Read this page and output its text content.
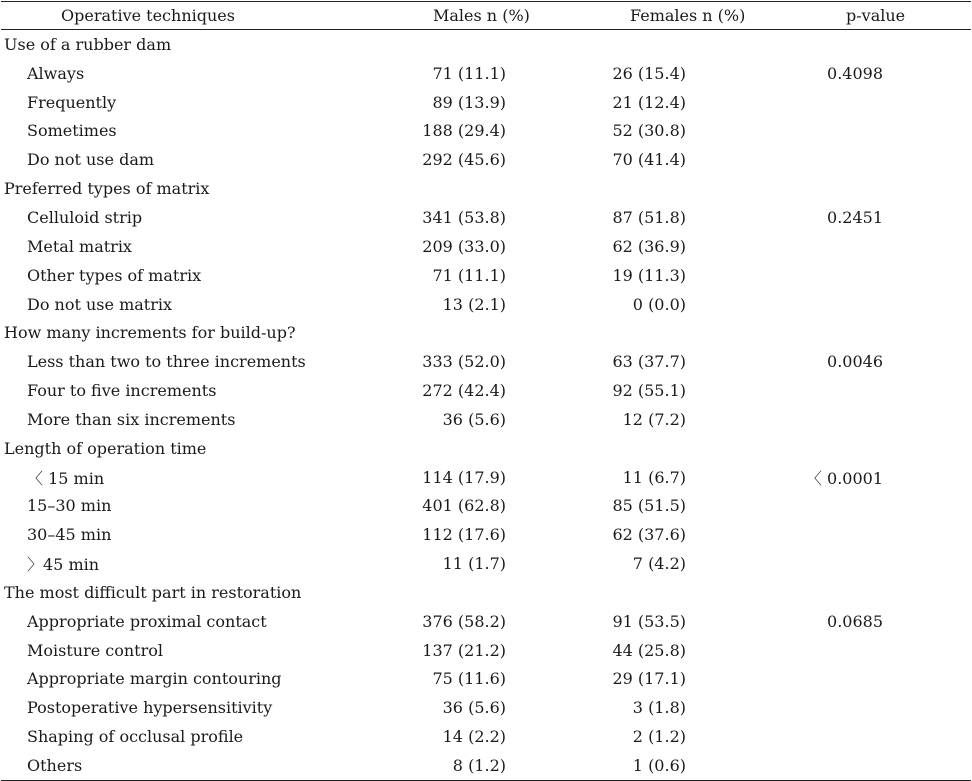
Operative techniques	Males n (%)	Females n (%)	p-value
Use of a rubber dam
Always	71 (11.1)	26 (15.4)	0.4098
Frequently	89 (13.9)	21 (12.4)
Sometimes	188 (29.4)	52 (30.8)
Do not use dam	292 (45.6)	70 (41.4)
Preferred types of matrix
Celluloid strip	341 (53.8)	87 (51.8)	0.2451
Metal matrix	209 (33.0)	62 (36.9)
Other types of matrix	71 (11.1)	19 (11.3)
Do not use matrix	13 (2.1)	0 (0.0)
How many increments for build-up?
Less than two to three increments	333 (52.0)	63 (37.7)	0.0046
Four to five increments	272 (42.4)	92 (55.1)
More than six increments	36 (5.6)	12 (7.2)
Length of operation time
〈 15 min	114 (17.9)	11 (6.7)	〈 0.0001
15–30 min	401 (62.8)	85 (51.5)
30–45 min	112 (17.6)	62 (37.6)
〉45 min	11 (1.7)	7 (4.2)
The most difficult part in restoration
Appropriate proximal contact	376 (58.2)	91 (53.5)	0.0685
Moisture control	137 (21.2)	44 (25.8)
Appropriate margin contouring	75 (11.6)	29 (17.1)
Postoperative hypersensitivity	36 (5.6)	3 (1.8)
Shaping of occlusal profile	14 (2.2)	2 (1.2)
Others	8 (1.2)	1 (0.6)
